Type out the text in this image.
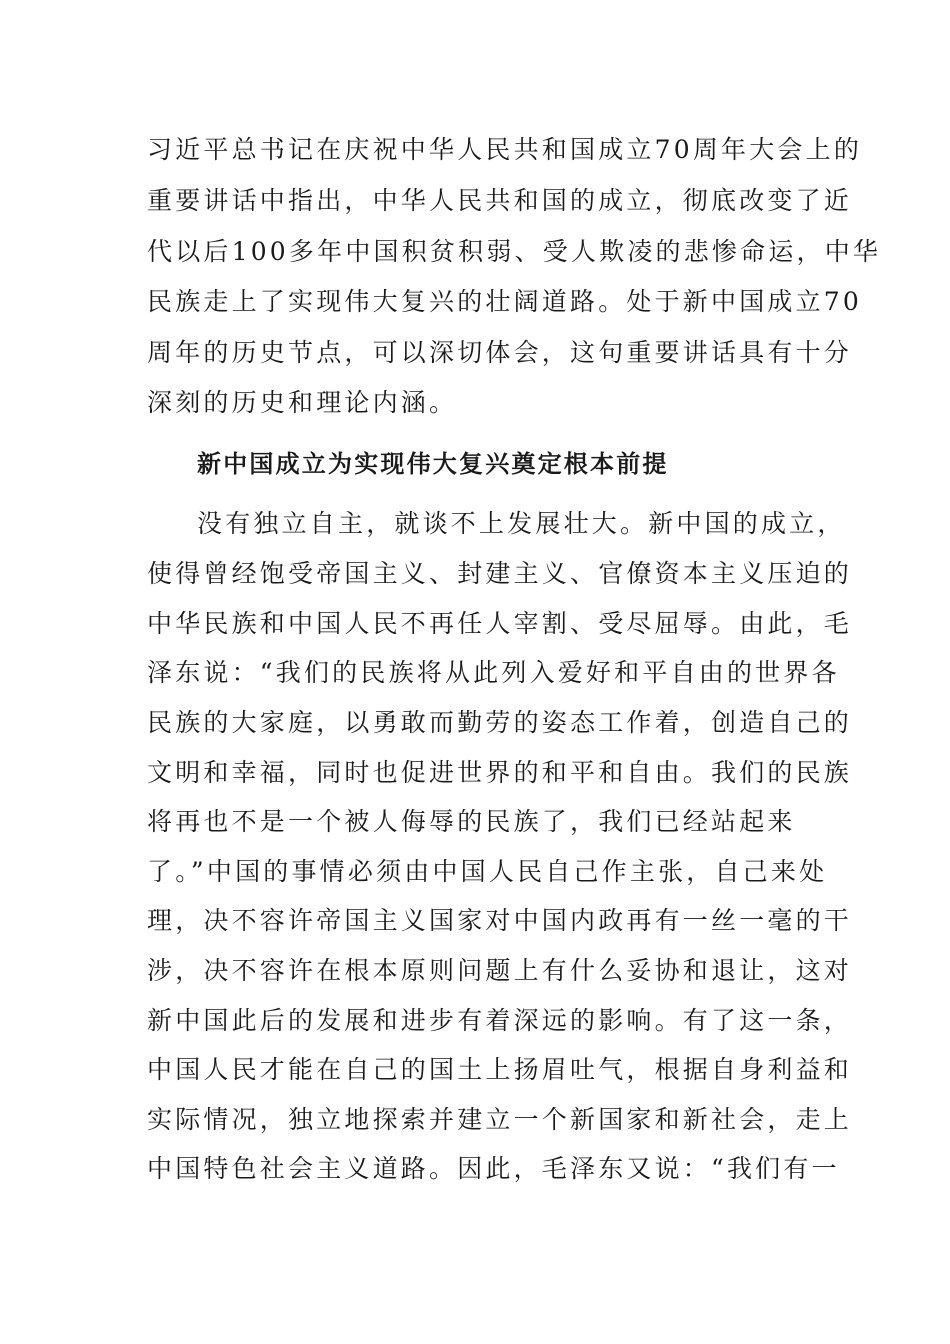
习近平总书记在庆祝中华人民共和国成立70周年大会上的
重要讲话中指出，中华人民共和国的成立，彻底改变了近
代以后100多年中国积贫积弱、受人欺凌的悲惨命运，中华
民族走上了实现伟大复兴的壮阔道路。处于新中国成立70
周年的历史节点，可以深切体会，这句重要讲话具有十分
深刻的历史和理论内涵。
新中国成立为实现伟大复兴奠定根本前提
没有独立自主，就谈不上发展壮大。新中国的成立，
使得曾经饱受帝国主义、封建主义、官僚资本主义压迫的
中华民族和中国人民不再任人宰割、受尽屈辱。由此，毛
泽东说：“我们的民族将从此列入爱好和平自由的世界各
民族的大家庭，以勇敢而勤劳的姿态工作着，创造自己的
文明和幸福，同时也促进世界的和平和自由。我们的民族
将再也不是一个被人侮辱的民族了，我们已经站起来
了。”中国的事情必须由中国人民自己作主张，自己来处
理，决不容许帝国主义国家对中国内政再有一丝一毫的干
涉，决不容许在根本原则问题上有什么妥协和退让，这对
新中国此后的发展和进步有着深远的影响。有了这一条，
中国人民才能在自己的国土上扬眉吐气，根据自身利益和
实际情况，独立地探索并建立一个新国家和新社会，走上
中国特色社会主义道路。因此，毛泽东又说：“我们有一
